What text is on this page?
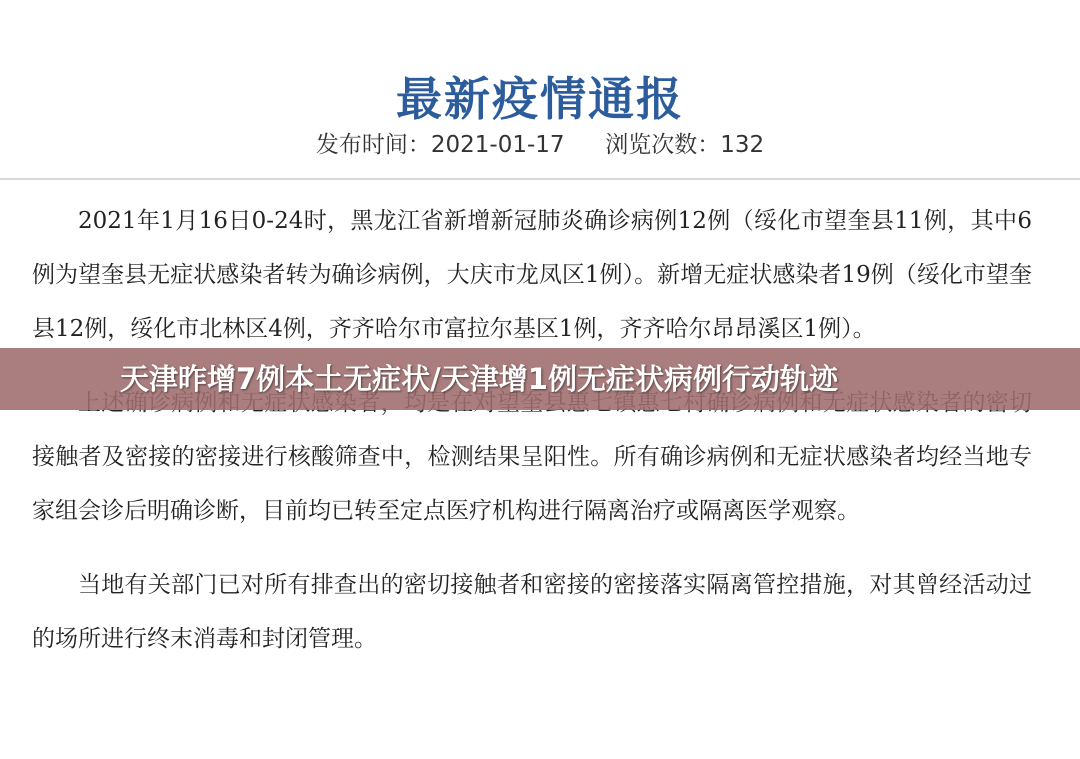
最新疫情通报
发布时间：2021-01-17 浏览次数：132

2021年1月16日0-24时，黑龙江省新增新冠肺炎确诊病例12例（绥化市望奎县11例，其中6例为望奎县无症状感染者转为确诊病例，大庆市龙凤区1例）。新增无症状感染者19例（绥化市望奎县12例，绥化市北林区4例，齐齐哈尔市富拉尔基区1例，齐齐哈尔昂昂溪区1例）。

接触者及密接的密接进行核酸筛查中，检测结果呈阳性。所有确诊病例和无症状感染者均经当地专家组会诊后明确诊断，目前均已转至定点医疗机构进行隔离治疗或隔离医学观察。

当地有关部门已对所有排查出的密切接触者和密接的密接落实隔离管控措施，对其曾经活动过的场所进行终末消毒和封闭管理。

天津昨增7例本土无症状/天津增1例无症状病例行动轨迹
